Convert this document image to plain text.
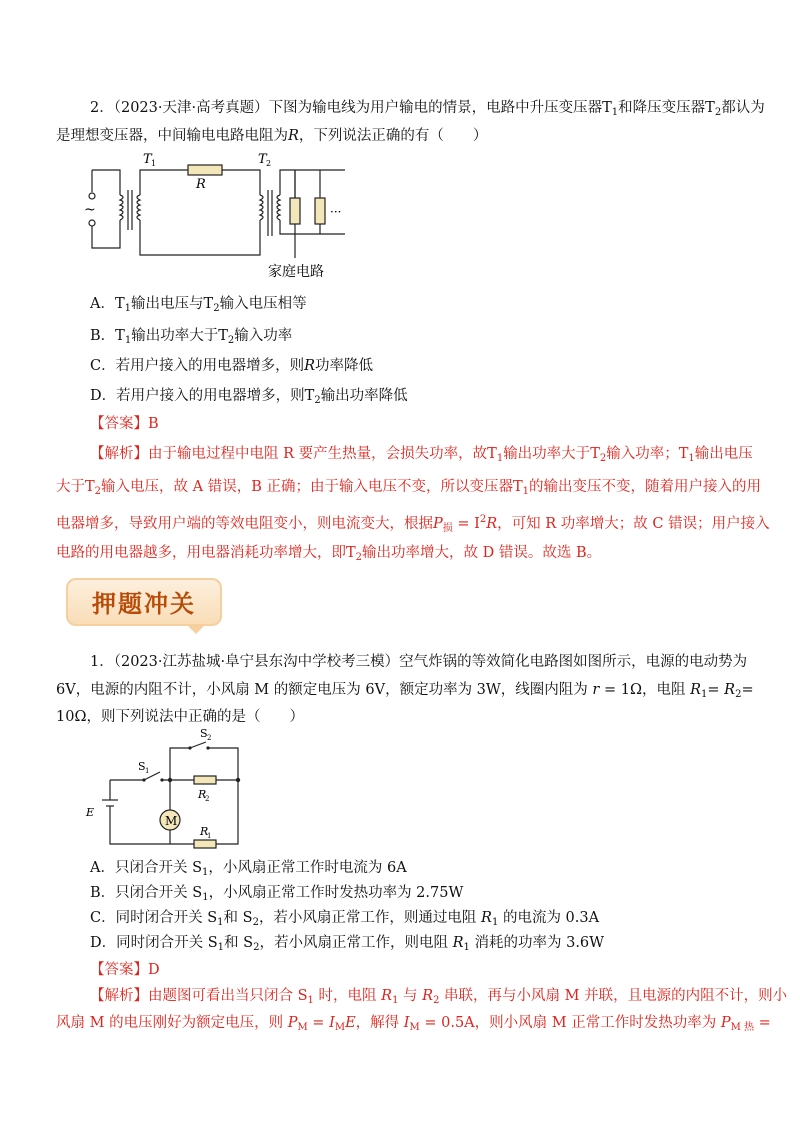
2．（2023·天津·高考真题）下图为输电线为用户输电的情景，电路中升压变压器$T_1$和降压变压器$T_2$都认为
是理想变压器，中间输电电路电阻为R，下列说法正确的有（　　）
~
T 1
R
T 2
···
家庭电路
A．$T_1$输出电压与$T_2$输入电压相等
B．$T_1$输出功率大于$T_2$输入功率
C．若用户接入的用电器增多，则R功率降低
D．若用户接入的用电器增多，则$T_2$输出功率降低
【答案】B
【解析】由于输电过程中电阻 R 要产生热量，会损失功率，故$T_1$输出功率大于$T_2$输入功率；$T_1$输出电压
大于$T_2$输入电压，故 A 错误，B 正确；由于输入电压不变，所以变压器$T_1$的输出变压不变，随着用户接入的用
电器增多，导致用户端的等效电阻变小，则电流变大，根据$P_损 = I^2R$，可知 R 功率增大；故 C 错误；用户接入
电路的用电器越多，用电器消耗功率增大，即$T_2$输出功率增大，故 D 错误。故选 B。
押题冲关
1．（2023·江苏盐城·阜宁县东沟中学校考三模）空气炸锅的等效简化电路图如图所示，电源的电动势为
6V，电源的内阻不计，小风扇 M 的额定电压为 6V，额定功率为 3W，线圈内阻为 r = 1Ω，电阻 $R_1= R_2=$
10Ω，则下列说法中正确的是（　　）
M
S 1
S 2
R
2
R
1
E
A．只闭合开关 $S_1$，小风扇正常工作时电流为 6A
B．只闭合开关 $S_1$，小风扇正常工作时发热功率为 2.75W
C．同时闭合开关 $S_1$和 $S_2$，若小风扇正常工作，则通过电阻 $R_1$ 的电流为 0.3A
D．同时闭合开关 $S_1$和 $S_2$，若小风扇正常工作，则电阻 $R_1$ 消耗的功率为 3.6W
【答案】D
【解析】由题图可看出当只闭合 $S_1$ 时，电阻 $R_1$ 与 $R_2$ 串联，再与小风扇 M 并联，且电源的内阻不计，则小
风扇 M 的电压刚好为额定电压，则 $P_M = I_ME$，解得 $I_M = 0.5A$，则小风扇 M 正常工作时发热功率为 $P_{M 热}$ =
